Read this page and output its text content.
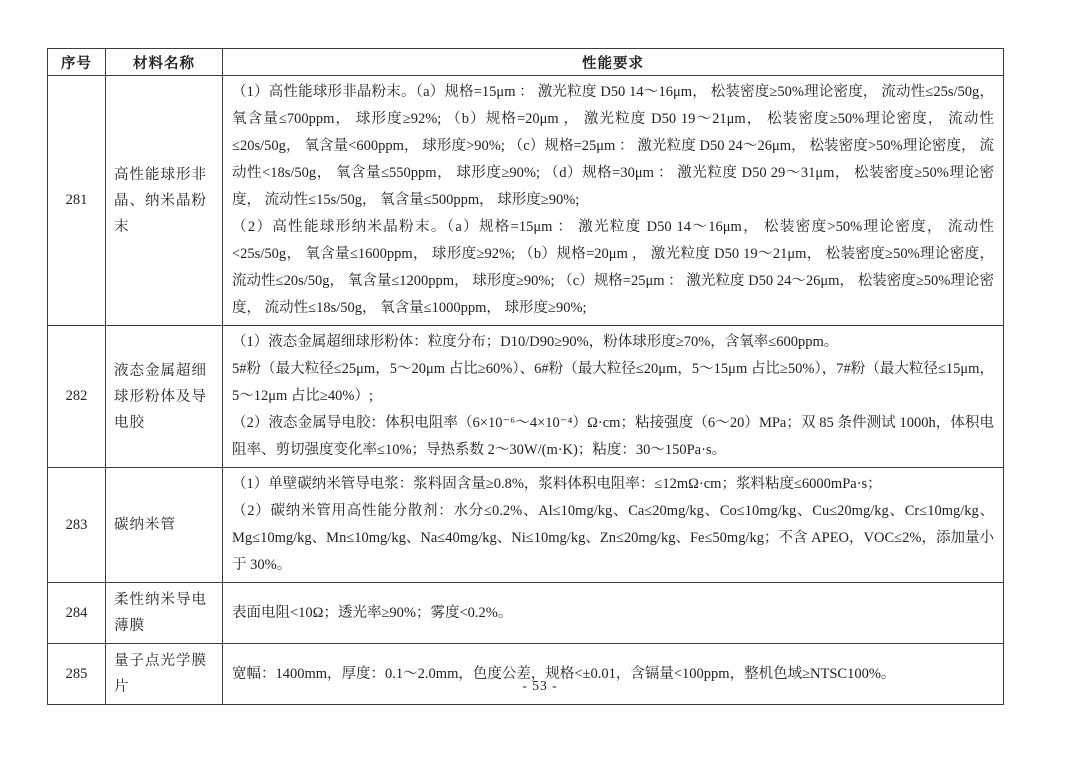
序号	材料名称	性能要求
281	高性能球形非晶、纳米晶粉末	（1）高性能球形非晶粉末。（a）规格=15μm ： 激光粒度 D50 14～16μm， 松装密度≥50%理论密度， 流动性≤25s/50g， 氧含量≤700ppm， 球形度≥92%; （b）规格=20μm ， 激光粒度 D50 19～21μm， 松装密度≥50%理论密度， 流动性≤20s/50g， 氧含量<600ppm， 球形度>90%; （c）规格=25μm ： 激光粒度 D50 24～26μm， 松装密度>50%理论密度， 流动性<18s/50g， 氧含量≤550ppm， 球形度≥90%; （d）规格=30μm ： 激光粒度 D50 29～31μm， 松装密度≥50%理论密度， 流动性≤15s/50g， 氧含量≤500ppm， 球形度≥90%;

（2）高性能球形纳米晶粉末。（a）规格=15μm ： 激光粒度 D50 14～16μm， 松装密度>50%理论密度， 流动性<25s/50g， 氧含量≤1600ppm， 球形度≥92%; （b）规格=20μm ， 激光粒度 D50 19～21μm， 松装密度≥50%理论密度， 流动性≤20s/50g， 氧含量≤1200ppm， 球形度≥90%; （c）规格=25μm ： 激光粒度 D50 24～26μm， 松装密度≥50%理论密度， 流动性≤18s/50g， 氧含量≤1000ppm， 球形度≥90%;

282	液态金属超细球形粉体及导电胶	（1）液态金属超细球形粉体：粒度分布；D10/D90≥90%，粉体球形度≥70%，含氧率≤600ppm。

5#粉（最大粒径≤25μm，5～20μm 占比≥60%）、6#粉（最大粒径≤20μm，5～15μm 占比≥50%），7#粉（最大粒径≤15μm，5～12μm 占比≥40%）;

（2）液态金属导电胶：体积电阻率（6×10⁻⁶～4×10⁻⁴）Ω·cm；粘接强度（6～20）MPa；双 85 条件测试 1000h，体积电阻率、剪切强度变化率≤10%；导热系数 2～30W/(m·K)；粘度：30～150Pa·s。

283	碳纳米管	（1）单壁碳纳米管导电浆：浆料固含量≥0.8%，浆料体积电阻率：≤12mΩ·cm；浆料粘度≤6000mPa·s；

（2）碳纳米管用高性能分散剂：水分≤0.2%、Al≤10mg/kg、Ca≤20mg/kg、Co≤10mg/kg、Cu≤20mg/kg、Cr≤10mg/kg、Mg≤10mg/kg、Mn≤10mg/kg、Na≤40mg/kg、Ni≤10mg/kg、Zn≤20mg/kg、Fe≤50mg/kg；不含 APEO，VOC≤2%，添加量小于 30%。

284	柔性纳米导电薄膜	表面电阻<10Ω；透光率≥90%；雾度<0.2%。

285	量子点光学膜片	宽幅：1400mm，厚度：0.1～2.0mm，色度公差，规格<±0.01，含镉量<100ppm，整机色域≥NTSC100%。

- 53 -
